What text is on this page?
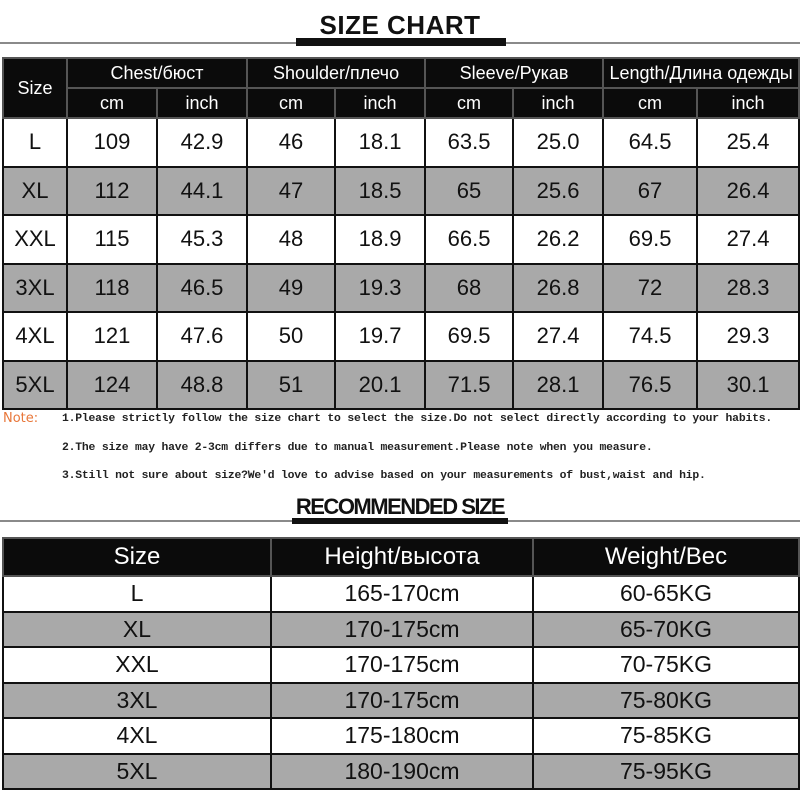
SIZE CHART
Size	Chest/бюст		Shoulder/плечо		Sleeve/Рукав		Length/Длина одежды	
	cm	inch	cm	inch	cm	inch	cm	inch
L	109	42.9	46	18.1	63.5	25.0	64.5	25.4
XL	112	44.1	47	18.5	65	25.6	67	26.4
XXL	115	45.3	48	18.9	66.5	26.2	69.5	27.4
3XL	118	46.5	49	19.3	68	26.8	72	28.3
4XL	121	47.6	50	19.7	69.5	27.4	74.5	29.3
5XL	124	48.8	51	20.1	71.5	28.1	76.5	30.1
Note: 1.Please strictly follow the size chart to select the size.Do not select directly according to your habits.
2.The size may have 2-3cm differs due to manual measurement.Please note when you measure.
3.Still not sure about size?We'd love to advise based on your measurements of bust,waist and hip.
RECOMMENDED SIZE
Size	Height/высота	Weight/Вес
L	165-170cm	60-65KG
XL	170-175cm	65-70KG
XXL	170-175cm	70-75KG
3XL	170-175cm	75-80KG
4XL	175-180cm	75-85KG
5XL	180-190cm	75-95KG
